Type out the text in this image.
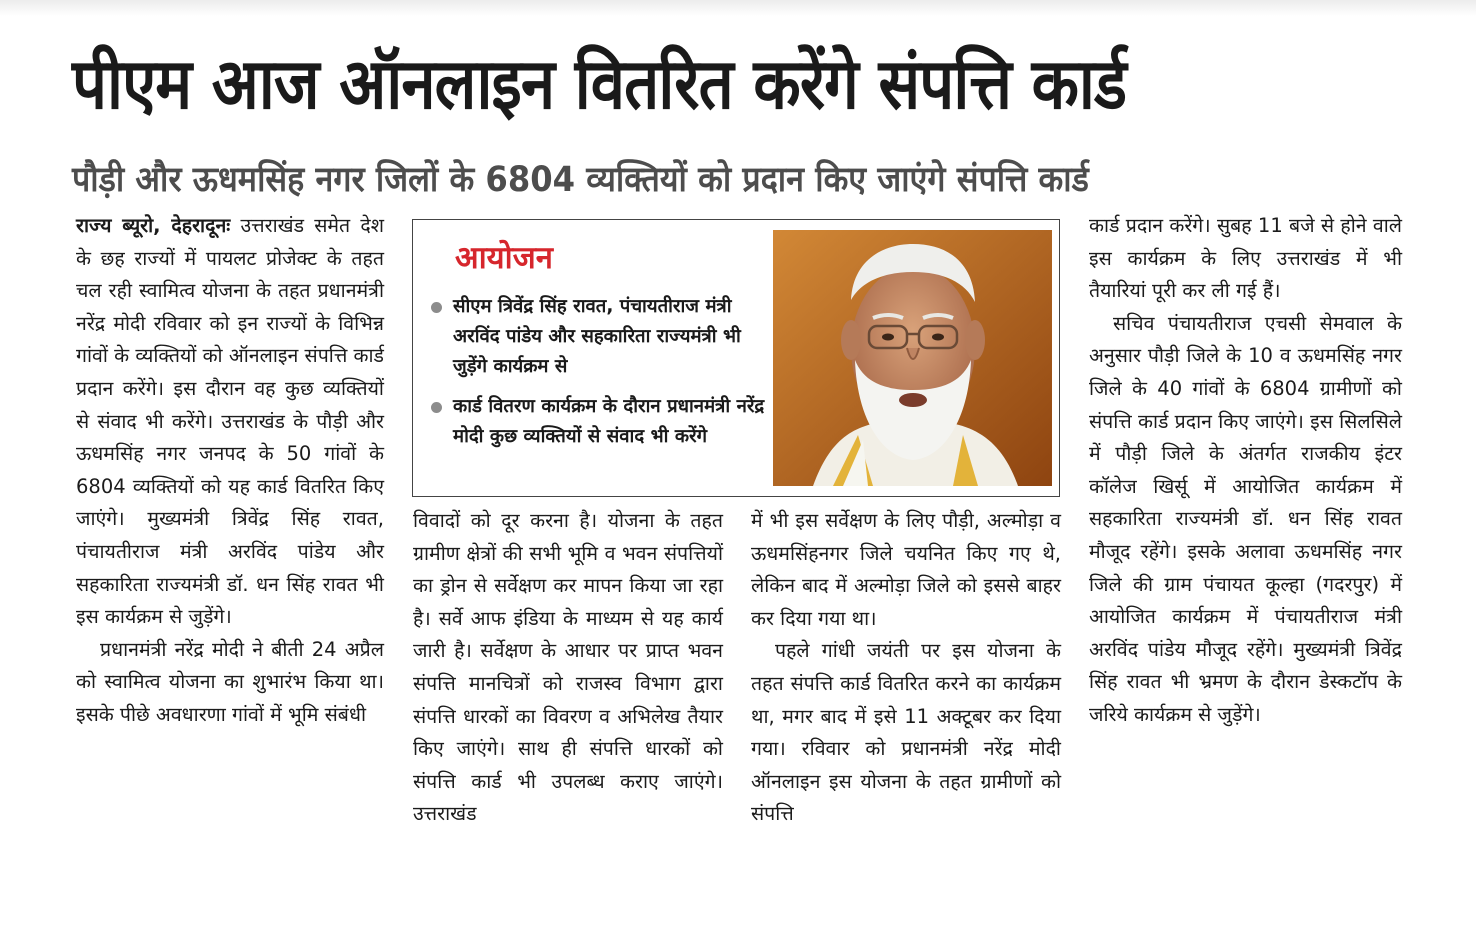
पीएम आज ऑनलाइन वितरित करेंगे संपत्ति कार्ड
पौड़ी और ऊधमसिंह नगर जिलों के 6804 व्यक्तियों को प्रदान किए जाएंगे संपत्ति कार्ड

राज्य ब्यूरो, देहरादूनः उत्तराखंड समेत देश के छह राज्यों में पायलट प्रोजेक्ट के तहत चल रही स्वामित्व योजना के तहत प्रधानमंत्री नरेंद्र मोदी रविवार को इन राज्यों के विभिन्न गांवों के व्यक्तियों को ऑनलाइन संपत्ति कार्ड प्रदान करेंगे। इस दौरान वह कुछ व्यक्तियों से संवाद भी करेंगे। उत्तराखंड के पौड़ी और ऊधमसिंह नगर जनपद के 50 गांवों के 6804 व्यक्तियों को यह कार्ड वितरित किए जाएंगे। मुख्यमंत्री त्रिवेंद्र सिंह रावत, पंचायतीराज मंत्री अरविंद पांडेय और सहकारिता राज्यमंत्री डॉ. धन सिंह रावत भी इस कार्यक्रम से जुड़ेंगे।

प्रधानमंत्री नरेंद्र मोदी ने बीती 24 अप्रैल को स्वामित्व योजना का शुभारंभ किया था। इसके पीछे अवधारणा गांवों में भूमि संबंधी

आयोजन
सीएम त्रिवेंद्र सिंह रावत, पंचायतीराज मंत्री अरविंद पांडेय और सहकारिता राज्यमंत्री भी जुड़ेंगे कार्यक्रम से
कार्ड वितरण कार्यक्रम के दौरान प्रधानमंत्री नरेंद्र मोदी कुछ व्यक्तियों से संवाद भी करेंगे

विवादों को दूर करना है। योजना के तहत ग्रामीण क्षेत्रों की सभी भूमि व भवन संपत्तियों का ड्रोन से सर्वेक्षण कर मापन किया जा रहा है। सर्वे आफ इंडिया के माध्यम से यह कार्य जारी है। सर्वेक्षण के आधार पर प्राप्त भवन संपत्ति मानचित्रों को राजस्व विभाग द्वारा संपत्ति धारकों का विवरण व अभिलेख तैयार किए जाएंगे। साथ ही संपत्ति धारकों को संपत्ति कार्ड भी उपलब्ध कराए जाएंगे। उत्तराखंड

में भी इस सर्वेक्षण के लिए पौड़ी, अल्मोड़ा व ऊधमसिंहनगर जिले चयनित किए गए थे, लेकिन बाद में अल्मोड़ा जिले को इससे बाहर कर दिया गया था।

पहले गांधी जयंती पर इस योजना के तहत संपत्ति कार्ड वितरित करने का कार्यक्रम था, मगर बाद में इसे 11 अक्टूबर कर दिया गया। रविवार को प्रधानमंत्री नरेंद्र मोदी ऑनलाइन इस योजना के तहत ग्रामीणों को संपत्ति

कार्ड प्रदान करेंगे। सुबह 11 बजे से होने वाले इस कार्यक्रम के लिए उत्तराखंड में भी तैयारियां पूरी कर ली गई हैं।

सचिव पंचायतीराज एचसी सेमवाल के अनुसार पौड़ी जिले के 10 व ऊधमसिंह नगर जिले के 40 गांवों के 6804 ग्रामीणों को संपत्ति कार्ड प्रदान किए जाएंगे। इस सिलसिले में पौड़ी जिले के अंतर्गत राजकीय इंटर कॉलेज खिर्सू में आयोजित कार्यक्रम में सहकारिता राज्यमंत्री डॉ. धन सिंह रावत मौजूद रहेंगे। इसके अलावा ऊधमसिंह नगर जिले की ग्राम पंचायत कूल्हा (गदरपुर) में आयोजित कार्यक्रम में पंचायतीराज मंत्री अरविंद पांडेय मौजूद रहेंगे। मुख्यमंत्री त्रिवेंद्र सिंह रावत भी भ्रमण के दौरान डेस्कटॉप के जरिये कार्यक्रम से जुड़ेंगे।
